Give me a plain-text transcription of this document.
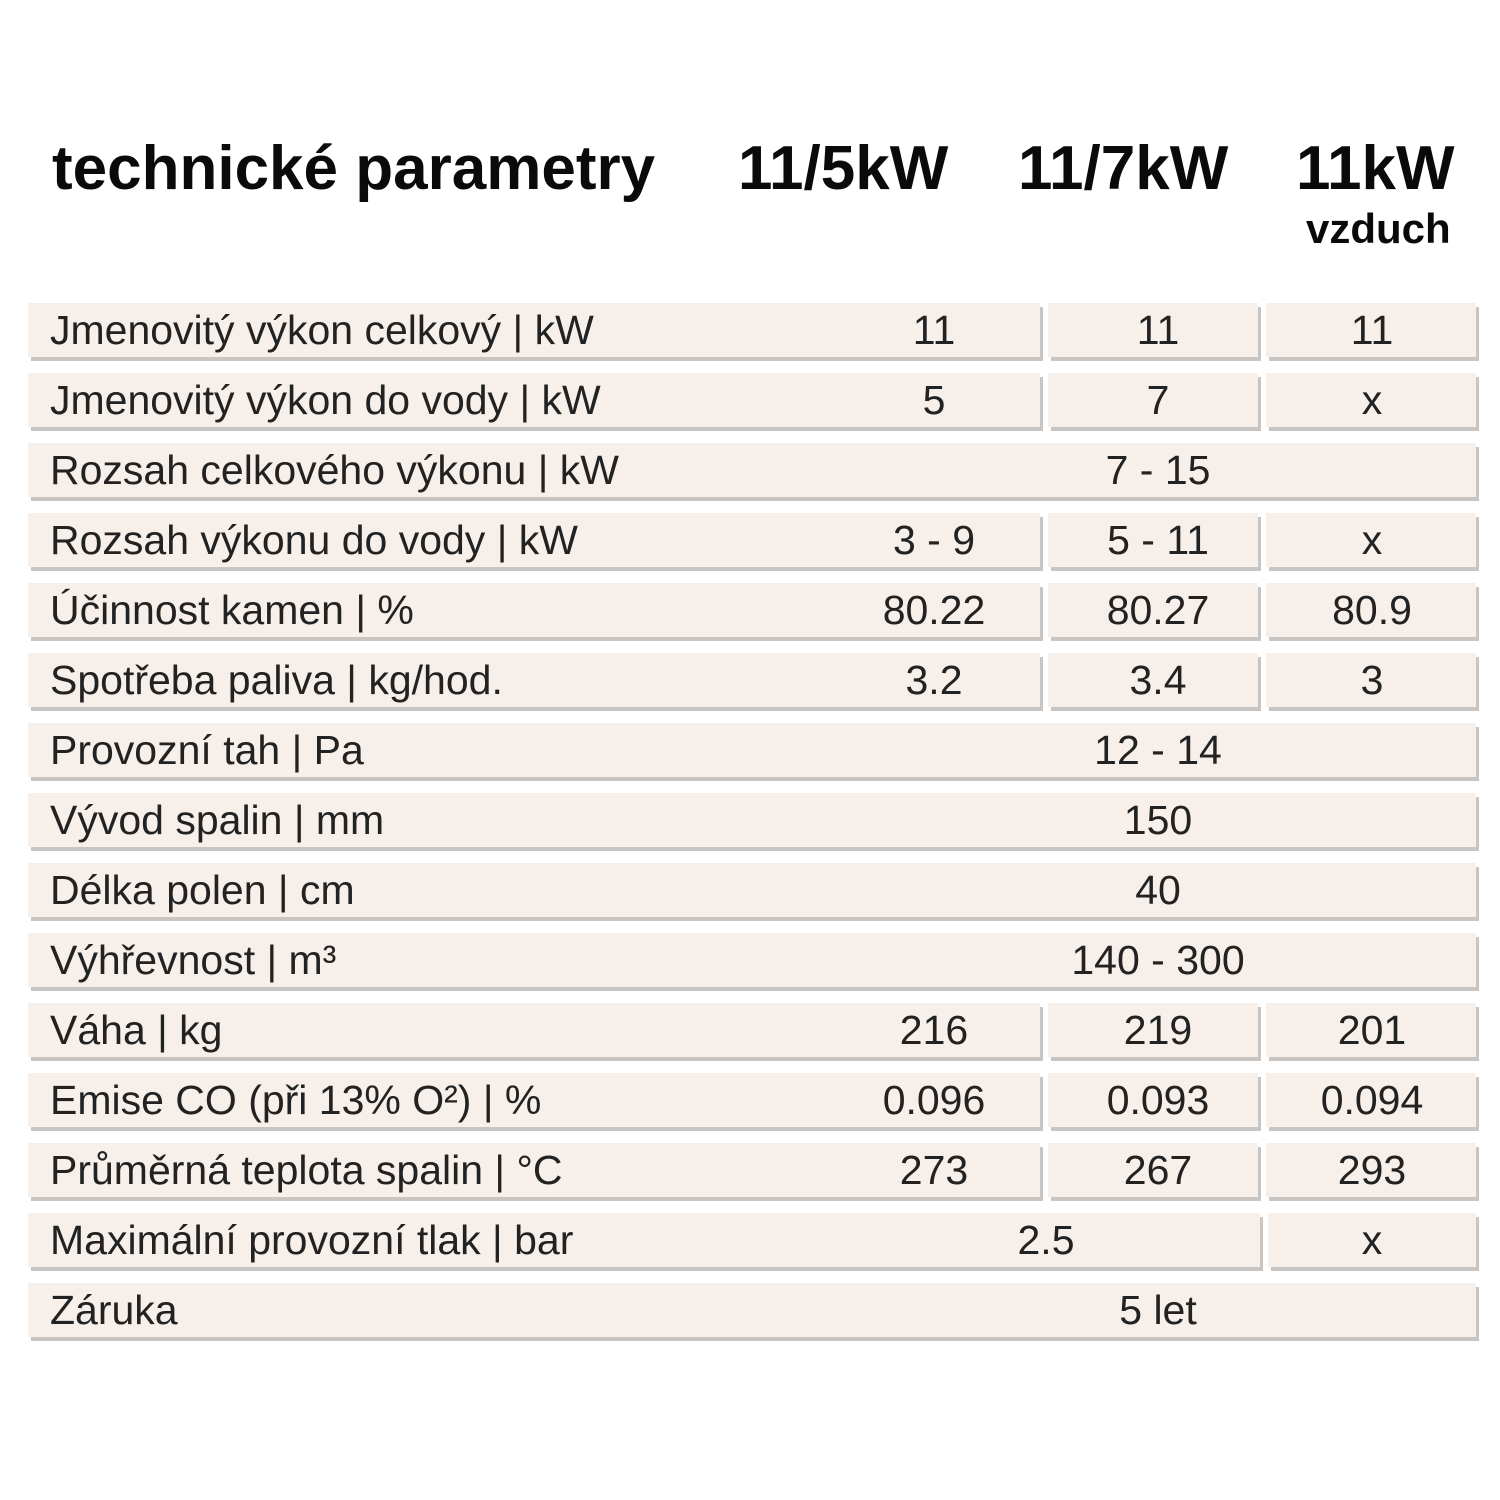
technické parametry 11/5kW 11/7kW 11kW
vzduch
Jmenovitý výkon celkový | kW	11	11	11
Jmenovitý výkon do vody | kW	5	7	x
Rozsah celkového výkonu | kW	7 - 15
Rozsah výkonu do vody | kW	3 - 9	5 - 11	x
Účinnost kamen | %	80.22	80.27	80.9
Spotřeba paliva | kg/hod.	3.2	3.4	3
Provozní tah | Pa	12 - 14
Vývod spalin | mm	150
Délka polen | cm	40
Výhřevnost | m³	140 - 300
Váha | kg	216	219	201
Emise CO (při 13% O²) | %	0.096	0.093	0.094
Průměrná teplota spalin | °C	273	267	293
Maximální provozní tlak | bar	2.5	x
Záruka	5 let
